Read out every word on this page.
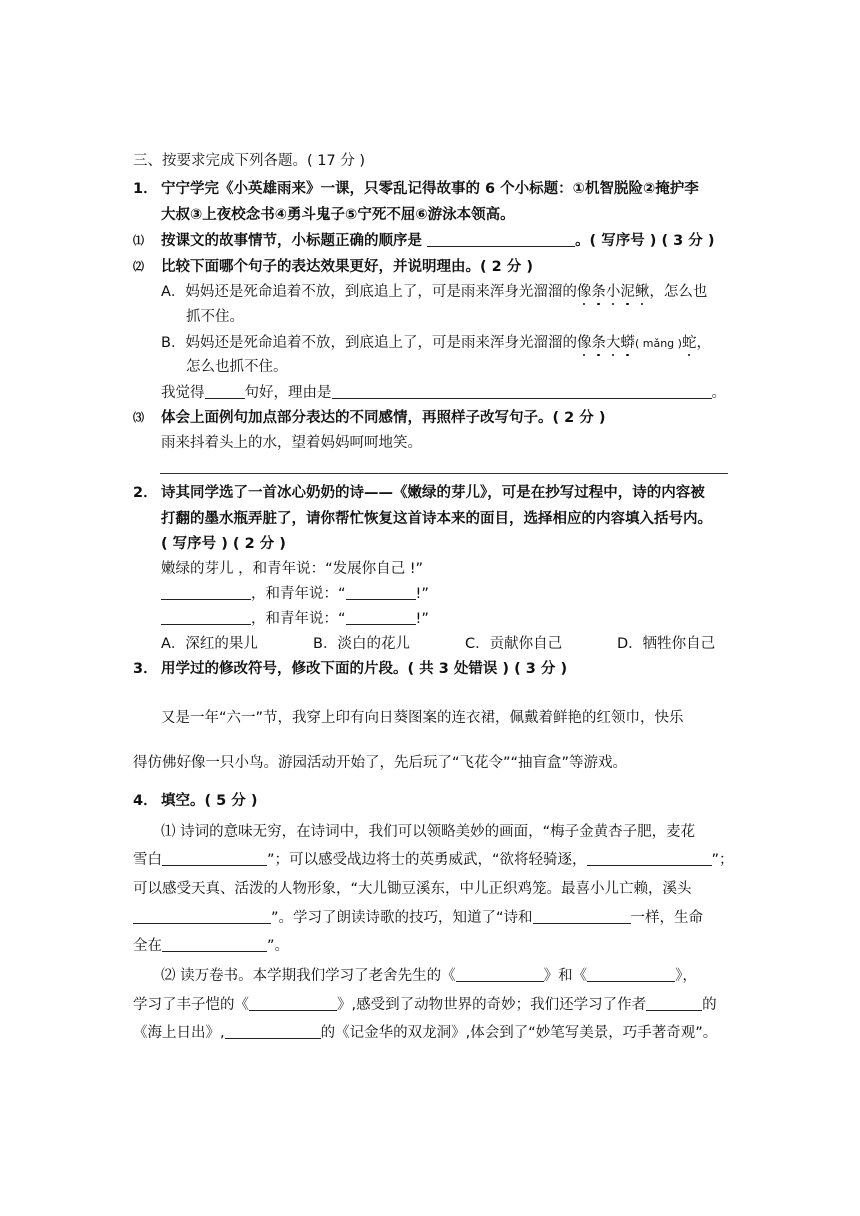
三、按要求完成下列各题。( 17 分 )
1． 宁宁学完《小英雄雨来》一课，只零乱记得故事的 6 个小标题：①机智脱险②掩护李
大叔③上夜校念书④勇斗鬼子⑤宁死不屈⑥游泳本领高。
⑴ 按课文的故事情节，小标题正确的顺序是	。( 写序号 ) ( 3 分 )
⑵ 比较下面哪个句子的表达效果更好，并说明理由。( 2 分 )
A．妈妈还是死命追着不放，到底追上了，可是雨来浑身光溜溜的像条小泥鳅，怎么也
抓不住。
B．妈妈还是死命追着不放，到底追上了，可是雨来浑身光溜溜的像条大蟒( mǎng )蛇，
怎么也抓不住。
我觉得	句好，理由是	。
⑶ 体会上面例句加点部分表达的不同感情，再照样子改写句子。( 2 分 )
雨来抖着头上的水，望着妈妈呵呵地笑。
2． 诗其同学选了一首冰心奶奶的诗——《嫩绿的芽儿》，可是在抄写过程中，诗的内容被
打翻的墨水瓶弄脏了，请你帮忙恢复这首诗本来的面目，选择相应的内容填入括号内。
( 写序号 ) ( 2 分 )
嫩绿的芽儿 ，和青年说：“发展你自己 !”
，和青年说：“	!”
，和青年说：“	!”
A．深红的果儿	B．淡白的花儿	C．贡献你自己	D．牺牲你自己
3． 用学过的修改符号，修改下面的片段。( 共 3 处错误 ) ( 3 分 )
又是一年“六一”节，我穿上印有向日葵图案的连衣裙，佩戴着鲜艳的红领巾，快乐
得仿佛好像一只小鸟。游园活动开始了，先后玩了“飞花令”“抽盲盒”等游戏。
4． 填空。( 5 分 )
⑴ 诗词的意味无穷，在诗词中，我们可以领略美妙的画面，“梅子金黄杏子肥，麦花
雪白	”；可以感受战边将士的英勇威武，“欲将轻骑逐，	”；
可以感受天真、活泼的人物形象，“大儿锄豆溪东，中儿正织鸡笼。最喜小儿亡赖，溪头
”。学习了朗读诗歌的技巧，知道了“诗和	一样，生命
全在	”。
⑵ 读万卷书。本学期我们学习了老舍先生的《	》和《	》，
学习了丰子恺的《	》,感受到了动物世界的奇妙；我们还学习了作者	的
《海上日出》,	的《记金华的双龙洞》,体会到了“妙笔写美景，巧手著奇观”。
